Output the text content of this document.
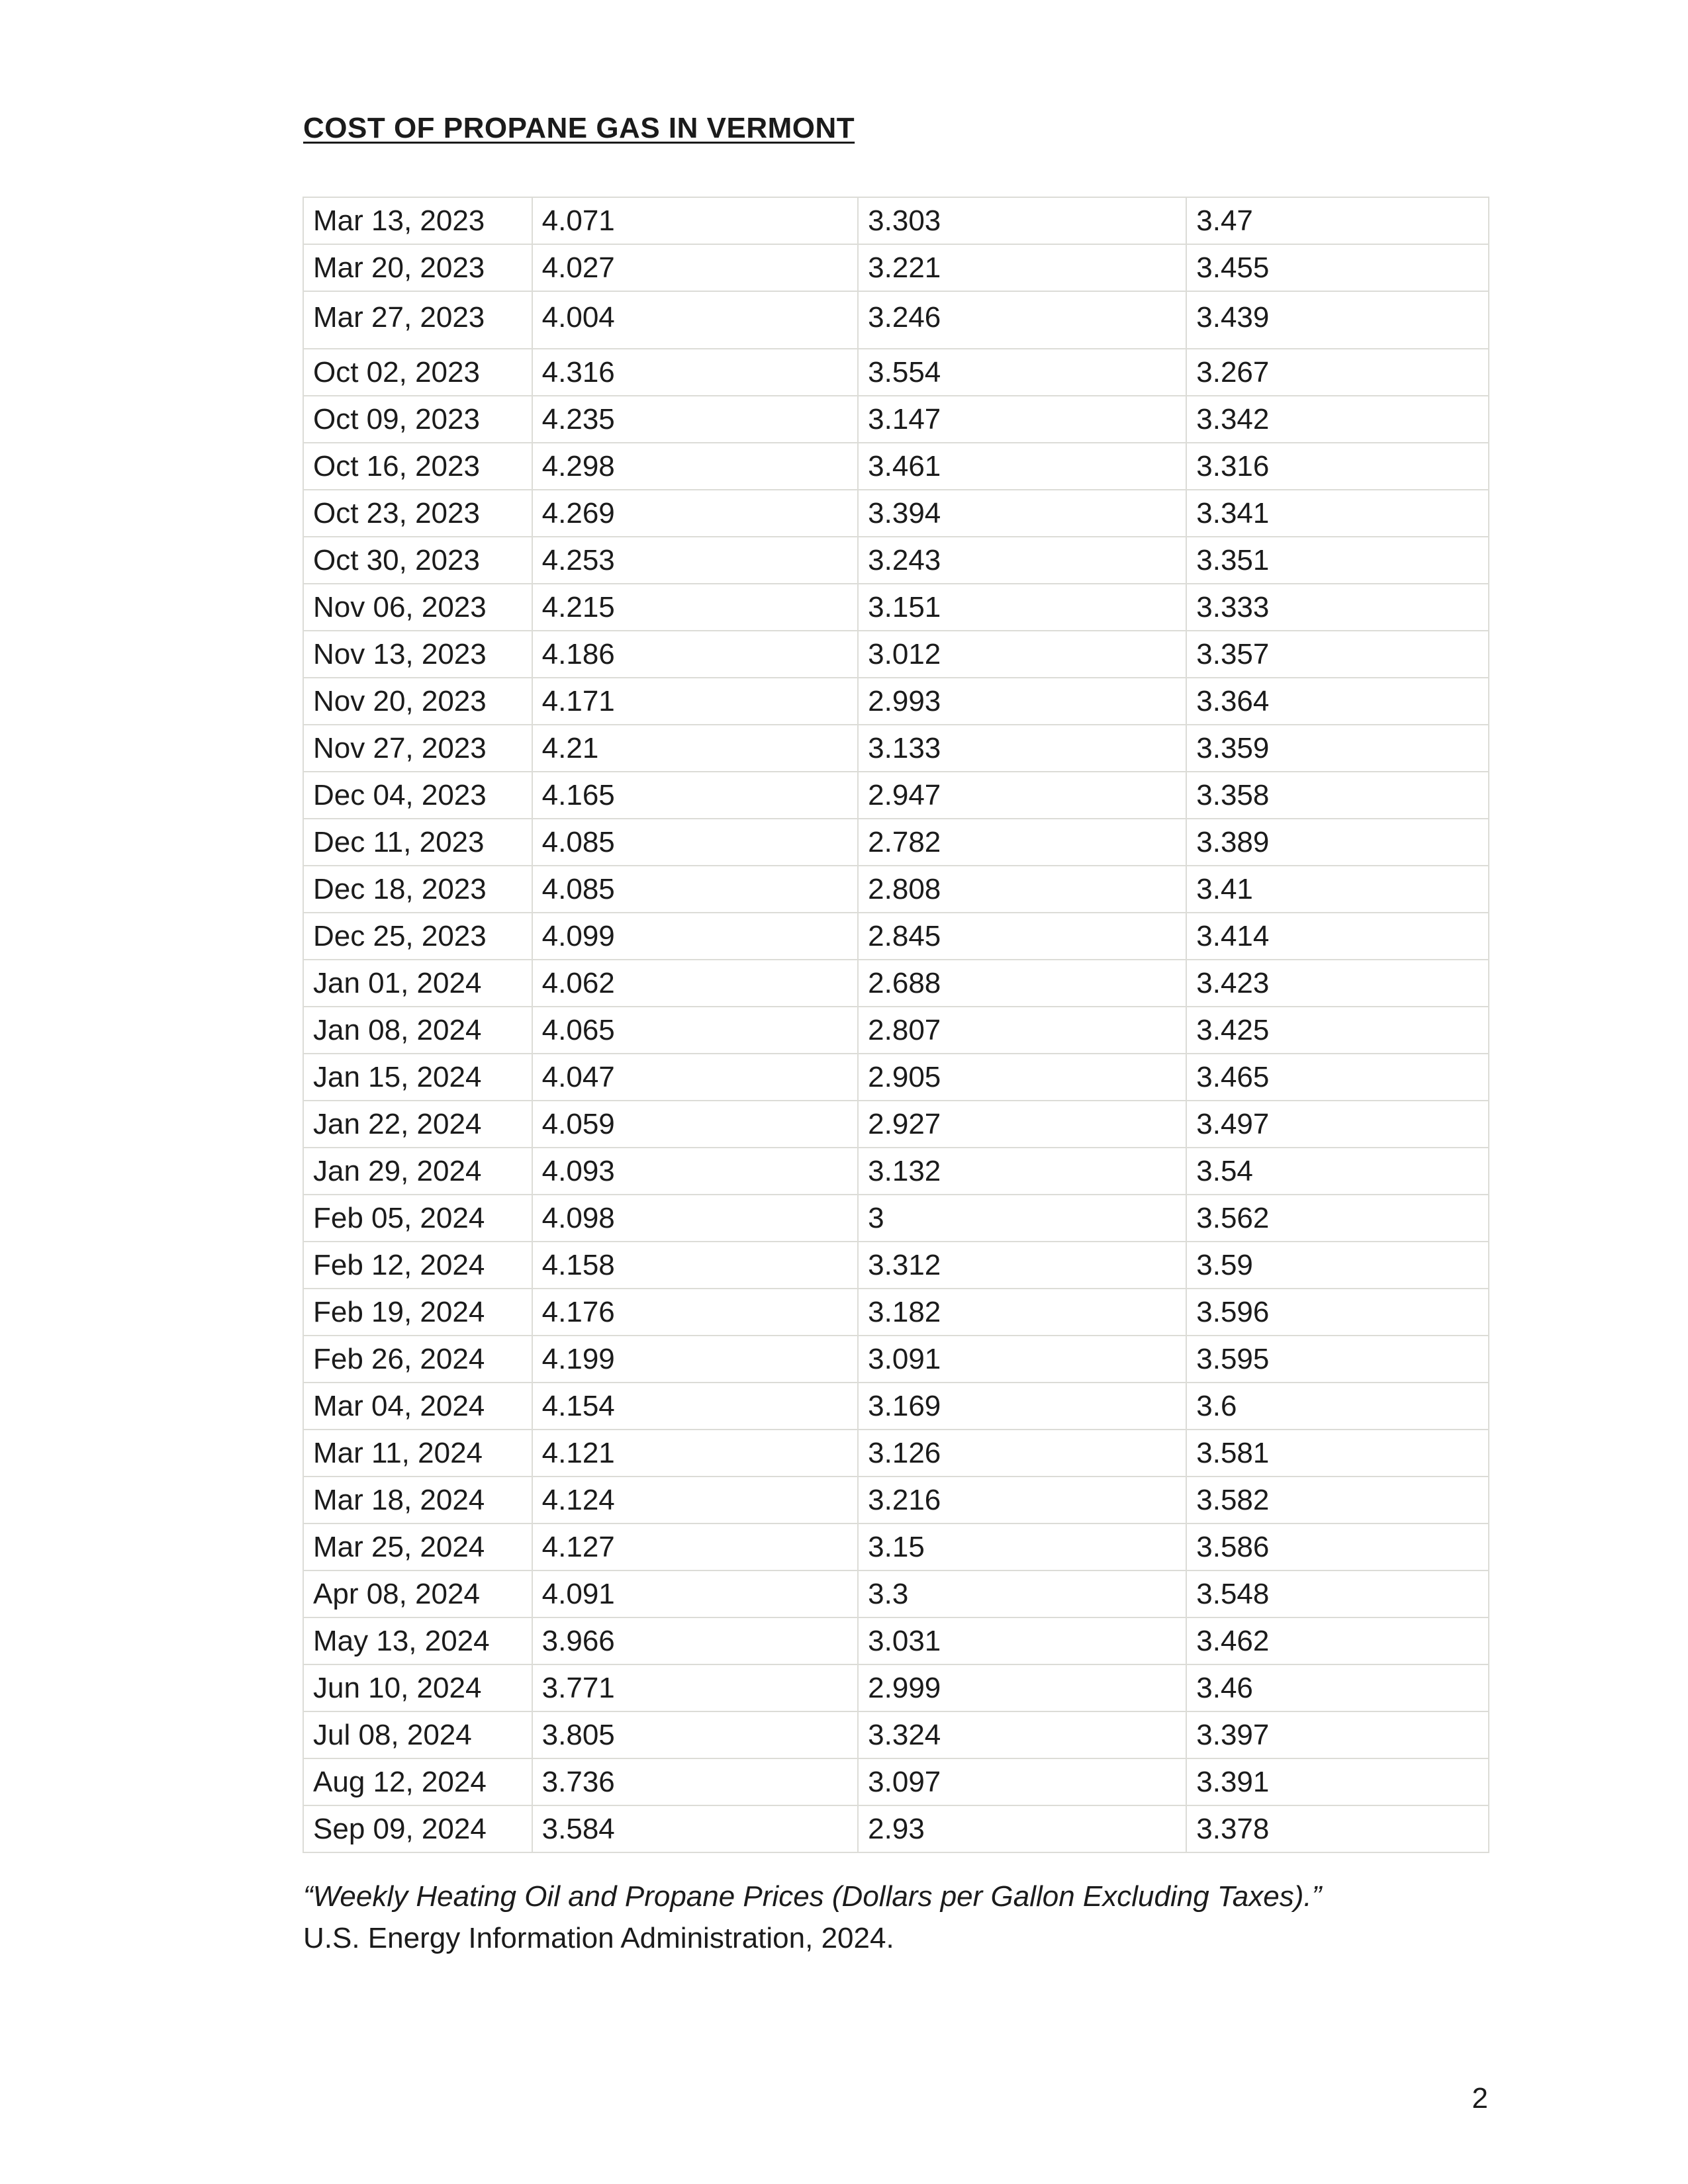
COST OF PROPANE GAS IN VERMONT
Mar 13, 2023	4.071	3.303	3.47
Mar 20, 2023	4.027	3.221	3.455
Mar 27, 2023	4.004	3.246	3.439
Oct 02, 2023	4.316	3.554	3.267
Oct 09, 2023	4.235	3.147	3.342
Oct 16, 2023	4.298	3.461	3.316
Oct 23, 2023	4.269	3.394	3.341
Oct 30, 2023	4.253	3.243	3.351
Nov 06, 2023	4.215	3.151	3.333
Nov 13, 2023	4.186	3.012	3.357
Nov 20, 2023	4.171	2.993	3.364
Nov 27, 2023	4.21	3.133	3.359
Dec 04, 2023	4.165	2.947	3.358
Dec 11, 2023	4.085	2.782	3.389
Dec 18, 2023	4.085	2.808	3.41
Dec 25, 2023	4.099	2.845	3.414
Jan 01, 2024	4.062	2.688	3.423
Jan 08, 2024	4.065	2.807	3.425
Jan 15, 2024	4.047	2.905	3.465
Jan 22, 2024	4.059	2.927	3.497
Jan 29, 2024	4.093	3.132	3.54
Feb 05, 2024	4.098	3	3.562
Feb 12, 2024	4.158	3.312	3.59
Feb 19, 2024	4.176	3.182	3.596
Feb 26, 2024	4.199	3.091	3.595
Mar 04, 2024	4.154	3.169	3.6
Mar 11, 2024	4.121	3.126	3.581
Mar 18, 2024	4.124	3.216	3.582
Mar 25, 2024	4.127	3.15	3.586
Apr 08, 2024	4.091	3.3	3.548
May 13, 2024	3.966	3.031	3.462
Jun 10, 2024	3.771	2.999	3.46
Jul 08, 2024	3.805	3.324	3.397
Aug 12, 2024	3.736	3.097	3.391
Sep 09, 2024	3.584	2.93	3.378
“Weekly Heating Oil and Propane Prices (Dollars per Gallon Excluding Taxes).”
U.S. Energy Information Administration, 2024.
2
